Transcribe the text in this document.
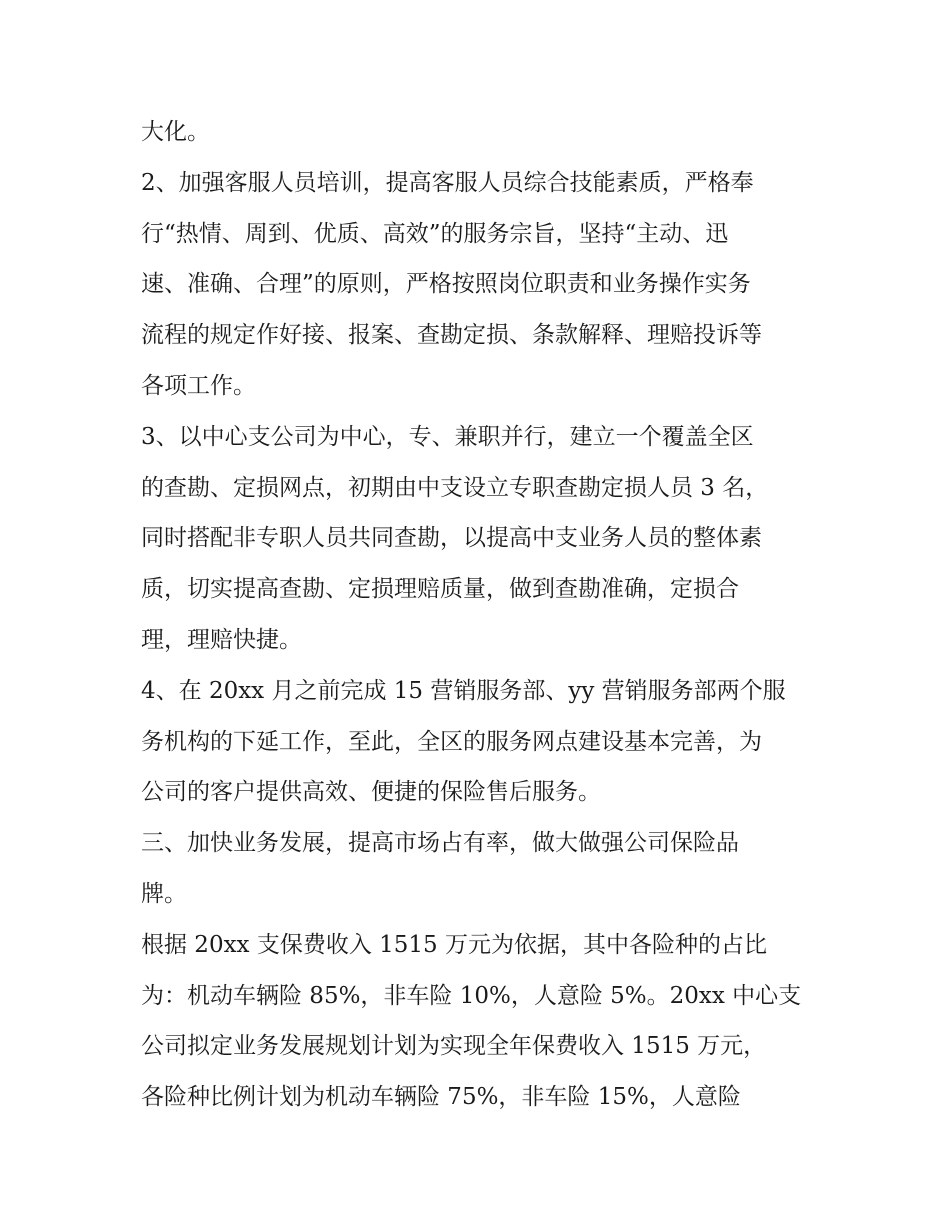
大化。
2、加强客服人员培训，提高客服人员综合技能素质，严格奉
行“热情、周到、优质、高效”的服务宗旨，坚持“主动、迅
速、准确、合理”的原则，严格按照岗位职责和业务操作实务
流程的规定作好接、报案、查勘定损、条款解释、理赔投诉等
各项工作。
3、以中心支公司为中心，专、兼职并行，建立一个覆盖全区
的查勘、定损网点，初期由中支设立专职查勘定损人员 3 名，
同时搭配非专职人员共同查勘，以提高中支业务人员的整体素
质，切实提高查勘、定损理赔质量，做到查勘准确，定损合
理，理赔快捷。
4、在 20xx 月之前完成 15 营销服务部、yy 营销服务部两个服
务机构的下延工作，至此，全区的服务网点建设基本完善，为
公司的客户提供高效、便捷的保险售后服务。
三、加快业务发展，提高市场占有率，做大做强公司保险品
牌。
根据 20xx 支保费收入 1515 万元为依据，其中各险种的占比
为：机动车辆险 85%，非车险 10%，人意险 5%。20xx 中心支
公司拟定业务发展规划计划为实现全年保费收入 1515 万元，
各险种比例计划为机动车辆险 75%，非车险 15%，人意险
